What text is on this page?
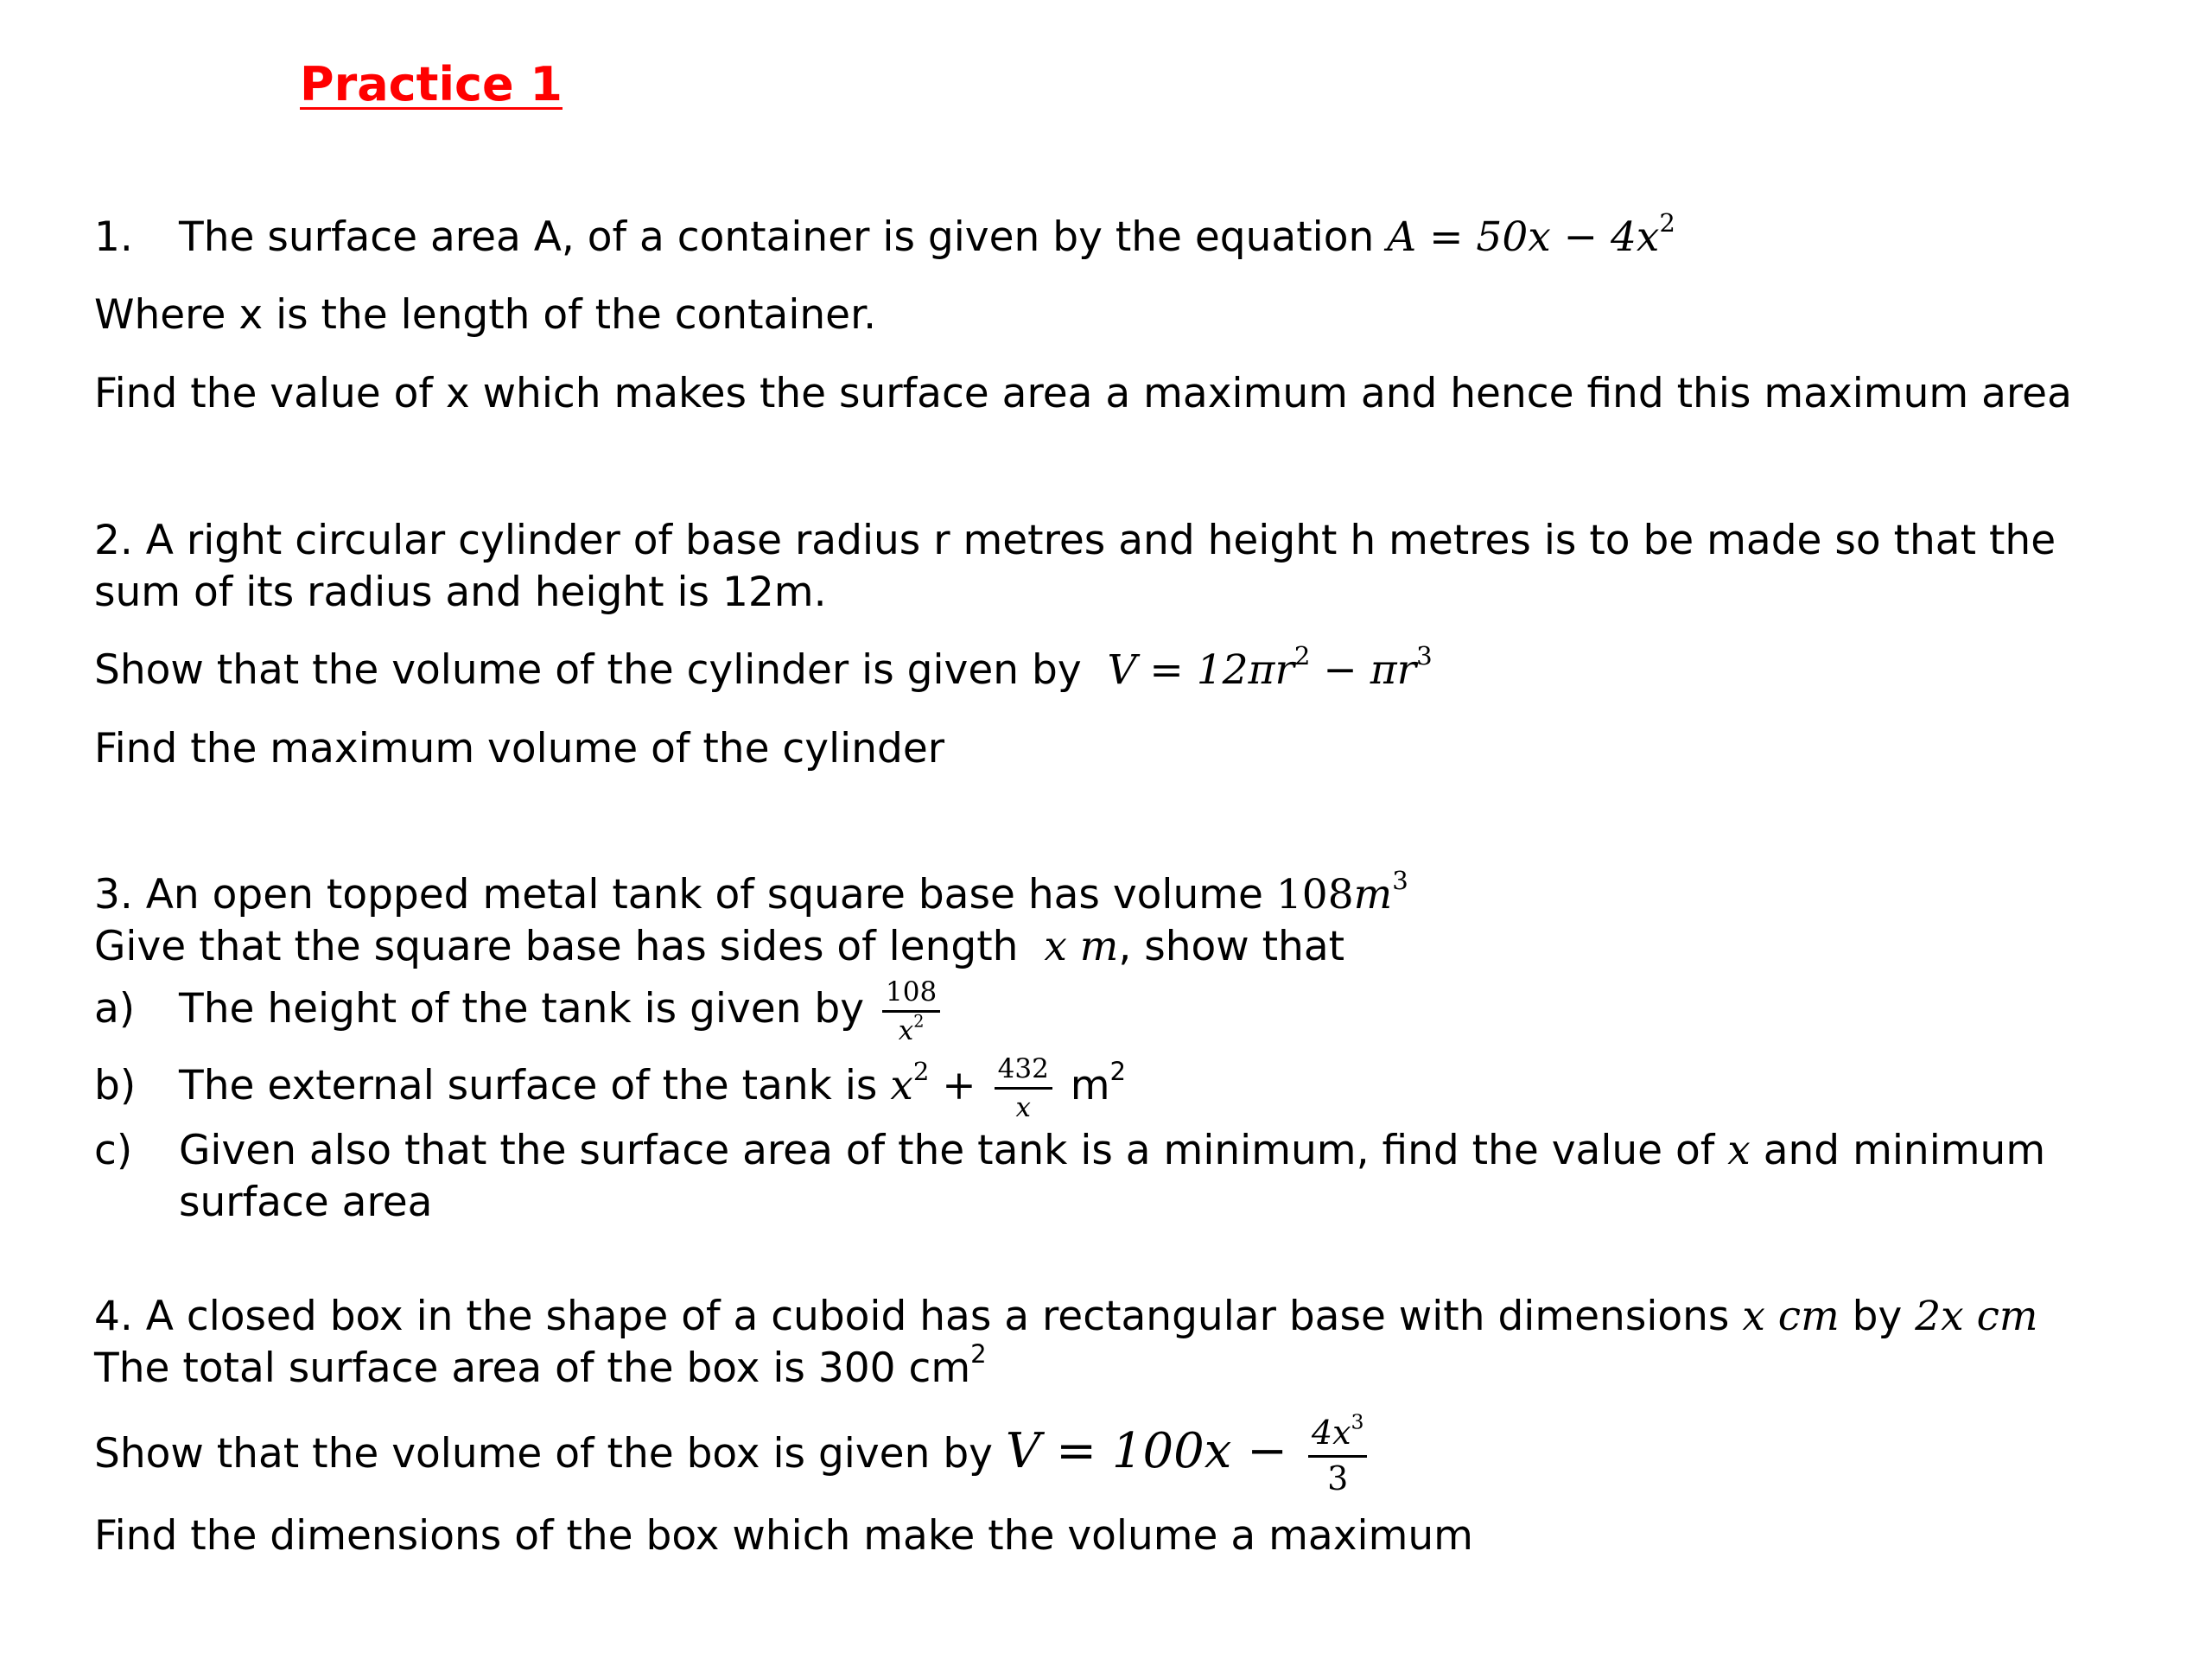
Practice 1
1. The surface area A, of a container is given by the equation $A = 50x - 4x^2$
Where x is the length of the container.
Find the value of x which makes the surface area a maximum and hence find this maximum area
2. A right circular cylinder of base radius r metres and height h metres is to be made so that the
sum of its radius and height is 12m.
Show that the volume of the cylinder is given by  $V = 12\pi r^2 - \pi r^3$
Find the maximum volume of the cylinder
3. An open topped metal tank of square base has volume $108m^3$
Give that the square base has sides of length  x m, show that
a) The height of the tank is given by $\frac{108}{x^2}$
b) The external surface of the tank is $x^2 + \frac{432}{x} m^2$
c) Given also that the surface area of the tank is a minimum, find the value of x and minimum
surface area
4. A closed box in the shape of a cuboid has a rectangular base with dimensions x cm by 2x cm
The total surface area of the box is 300 $cm^2$
Show that the volume of the box is given by $V = 100x - \frac{4x^3}{3}$
Find the dimensions of the box which make the volume a maximum
